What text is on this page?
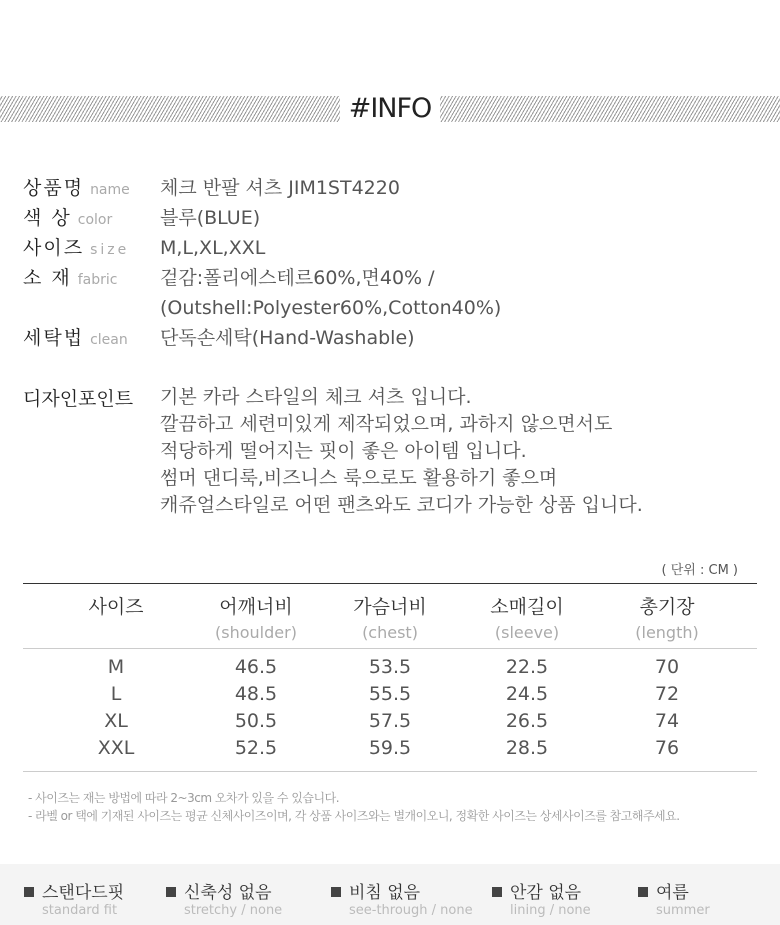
#INFO
상품명 name 체크 반팔 셔츠 JIM1ST4220
색 상 color	블루(BLUE)
사이즈 size M,L,XL,XXL
소 재 fabric 겉감:폴리에스테르60%,면40% /
(Outshell:Polyester60%,Cotton40%)
세탁법 clean 단독손세탁(Hand-Washable)
디자인포인트 기본 카라 스타일의 체크 셔츠 입니다.
깔끔하고 세련미있게 제작되었으며, 과하지 않으면서도
적당하게 떨어지는 핏이 좋은 아이템 입니다.
썸머 댄디룩,비즈니스 룩으로도 활용하기 좋으며
캐쥬얼스타일로 어떤 팬츠와도 코디가 가능한 상품 입니다.
( 단위 : CM )
사이즈	어깨너비
(shoulder)
가슴너비
(chest)
소매길이
(sleeve)
총기장
(length)
M
L
XL
XXL
46.5
48.5
50.5
52.5
53.5
55.5
57.5
59.5
22.5
24.5
26.5
28.5
70
72
74
76
- 사이즈는 재는 방법에 따라 2~3cm 오차가 있을 수 있습니다.
- 라벨 or 택에 기재된 사이즈는 평균 신체사이즈이며, 각 상품 사이즈와는 별개이오니, 정확한 사이즈는 상세사이즈를 참고해주세요.
스탠다드핏
standard fit
신축성 없음
stretchy / none
비침 없음
see-through / none
안감 없음
lining / none
여름
summer
